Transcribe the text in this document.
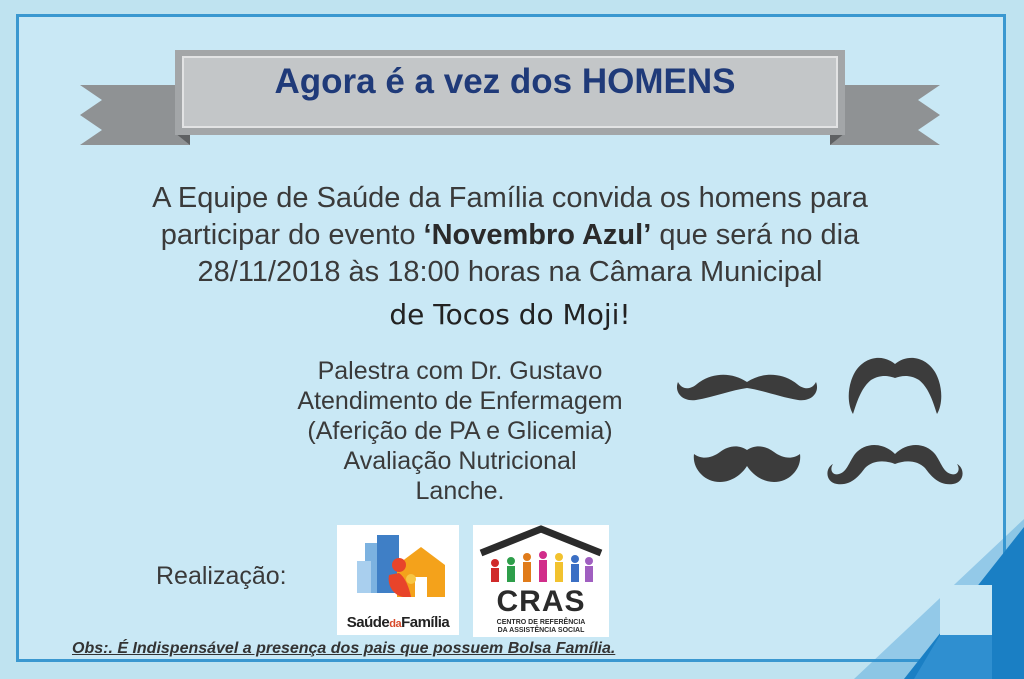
Agora é a vez dos HOMENS
A Equipe de Saúde da Família convida os homens para
participar do evento ‘Novembro Azul’ que será no dia
28/11/2018 às 18:00 horas na Câmara Municipal
de Tocos do Moji!
Palestra com Dr. Gustavo
Atendimento de Enfermagem
(Aferição de PA e Glicemia)
Avaliação Nutricional
Lanche.
Realização:
SaúdedaFamília
CRAS
CENTRO DE REFERÊNCIA
DA ASSISTÊNCIA SOCIAL
Obs:. É Indispensável a presença dos pais que possuem Bolsa Família.
